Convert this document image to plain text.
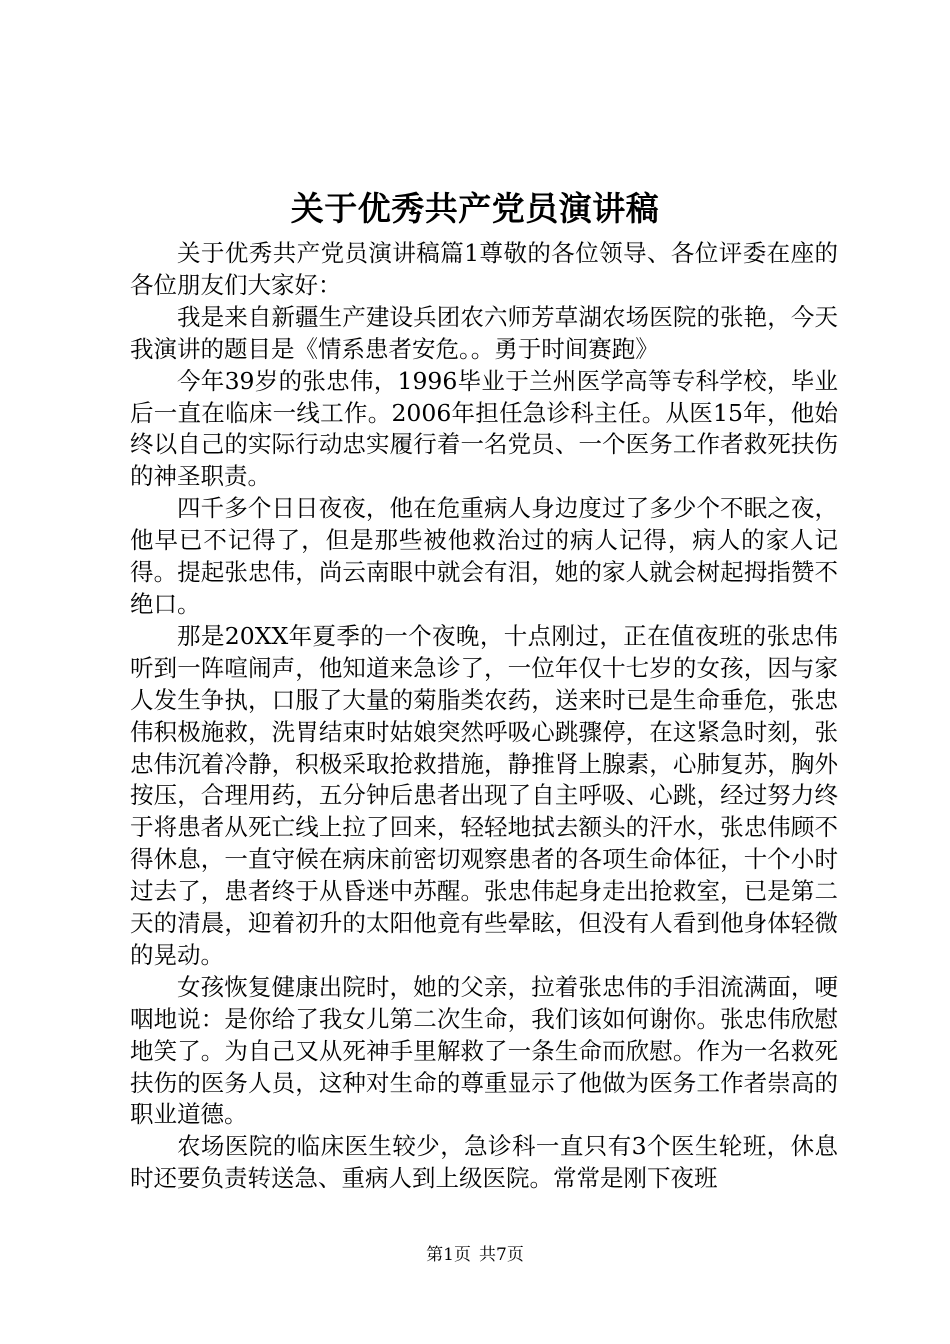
关于优秀共产党员演讲稿

关于优秀共产党员演讲稿篇1尊敬的各位领导、各位评委在座的各位朋友们大家好：

我是来自新疆生产建设兵团农六师芳草湖农场医院的张艳，今天我演讲的题目是《情系患者安危。。勇于时间赛跑》

今年39岁的张忠伟，1996毕业于兰州医学高等专科学校，毕业后一直在临床一线工作。2006年担任急诊科主任。从医15年，他始终以自己的实际行动忠实履行着一名党员、一个医务工作者救死扶伤的神圣职责。

四千多个日日夜夜，他在危重病人身边度过了多少个不眠之夜，他早已不记得了，但是那些被他救治过的病人记得，病人的家人记得。提起张忠伟，尚云南眼中就会有泪，她的家人就会树起拇指赞不绝口。

那是20XX年夏季的一个夜晚，十点刚过，正在值夜班的张忠伟听到一阵喧闹声，他知道来急诊了，一位年仅十七岁的女孩，因与家人发生争执，口服了大量的菊脂类农药，送来时已是生命垂危，张忠伟积极施救，洗胃结束时姑娘突然呼吸心跳骤停，在这紧急时刻，张忠伟沉着冷静，积极采取抢救措施，静推肾上腺素，心肺复苏，胸外按压，合理用药，五分钟后患者出现了自主呼吸、心跳，经过努力终于将患者从死亡线上拉了回来，轻轻地拭去额头的汗水，张忠伟顾不得休息，一直守候在病床前密切观察患者的各项生命体征，十个小时过去了，患者终于从昏迷中苏醒。张忠伟起身走出抢救室，已是第二天的清晨，迎着初升的太阳他竟有些晕眩，但没有人看到他身体轻微的晃动。

女孩恢复健康出院时，她的父亲，拉着张忠伟的手泪流满面，哽咽地说：是你给了我女儿第二次生命，我们该如何谢你。张忠伟欣慰地笑了。为自己又从死神手里解救了一条生命而欣慰。作为一名救死扶伤的医务人员，这种对生命的尊重显示了他做为医务工作者崇高的职业道德。

农场医院的临床医生较少，急诊科一直只有3个医生轮班，休息时还要负责转送急、重病人到上级医院。常常是刚下夜班

第1页 共7页
